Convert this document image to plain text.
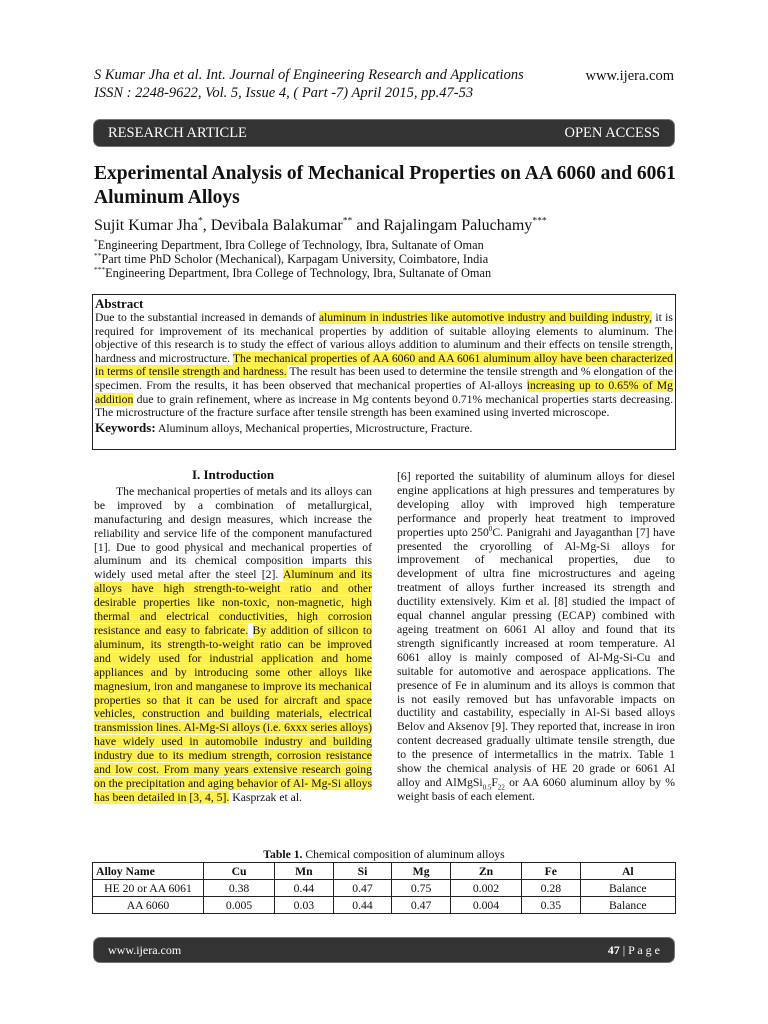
S Kumar Jha et al. Int. Journal of Engineering Research and Applications
ISSN : 2248-9622, Vol. 5, Issue 4, ( Part -7) April 2015, pp.47-53
www.ijera.com
RESEARCH ARTICLE	OPEN ACCESS
Experimental Analysis of Mechanical Properties on AA 6060 and 6061 Aluminum Alloys
Sujit Kumar Jha*, Devibala Balakumar** and Rajalingam Paluchamy***
*Engineering Department, Ibra College of Technology, Ibra, Sultanate of Oman
**Part time PhD Scholor (Mechanical), Karpagam University, Coimbatore, India
***Engineering Department, Ibra College of Technology, Ibra, Sultanate of Oman
Abstract
Due to the substantial increased in demands of aluminum in industries like automotive industry and building industry, it is required for improvement of its mechanical properties by addition of suitable alloying elements to aluminum. The objective of this research is to study the effect of various alloys addition to aluminum and their effects on tensile strength, hardness and microstructure. The mechanical properties of AA 6060 and AA 6061 aluminum alloy have been characterized in terms of tensile strength and hardness. The result has been used to determine the tensile strength and % elongation of the specimen. From the results, it has been observed that mechanical properties of Al-alloys increasing up to 0.65% of Mg addition due to grain refinement, where as increase in Mg contents beyond 0.71% mechanical properties starts decreasing. The microstructure of the fracture surface after tensile strength has been examined using inverted microscope.
Keywords: Aluminum alloys, Mechanical properties, Microstructure, Fracture.
I. Introduction
The mechanical properties of metals and its alloys can be improved by a combination of metallurgical, manufacturing and design measures, which increase the reliability and service life of the component manufactured [1]. Due to good physical and mechanical properties of aluminum and its chemical composition imparts this widely used metal after the steel [2]. Aluminum and its alloys have high strength-to-weight ratio and other desirable properties like non-toxic, non-magnetic, high thermal and electrical conductivities, high corrosion resistance and easy to fabricate. By addition of silicon to aluminum, its strength-to-weight ratio can be improved and widely used for industrial application and home appliances and by introducing some other alloys like magnesium, iron and manganese to improve its mechanical properties so that it can be used for aircraft and space vehicles, construction and building materials, electrical transmission lines. Al-Mg-Si alloys (i.e. 6xxx series alloys) have widely used in automobile industry and building industry due to its medium strength, corrosion resistance and low cost. From many years extensive research going on the precipitation and aging behavior of Al- Mg-Si alloys has been detailed in [3, 4, 5]. Kasprzak et al.
[6] reported the suitability of aluminum alloys for diesel engine applications at high pressures and temperatures by developing alloy with improved high temperature performance and properly heat treatment to improved properties upto $250^0C$. Panigrahi and Jayaganthan [7] have presented the cryorolling of Al-Mg-Si alloys for improvement of mechanical properties, due to development of ultra fine microstructures and ageing treatment of alloys further increased its strength and ductility extensively. Kim et al. [8] studied the impact of equal channel angular pressing (ECAP) combined with ageing treatment on 6061 Al alloy and found that its strength significantly increased at room temperature. Al 6061 alloy is mainly composed of Al-Mg-Si-Cu and suitable for automotive and aerospace applications. The presence of Fe in aluminum and its alloys is common that is not easily removed but has unfavorable impacts on ductility and castability, especially in Al-Si based alloys Belov and Aksenov [9]. They reported that, increase in iron content decreased gradually ultimate tensile strength, due to the presence of intermetallics in the matrix. Table 1 show the chemical analysis of HE 20 grade or 6061 Al alloy and $AlMgSi_{0.5}F_{22}$ or AA 6060 aluminum alloy by % weight basis of each element.
Table 1. Chemical composition of aluminum alloys
Alloy Name	Cu	Mn	Si	Mg	Zn	Fe	Al
HE 20 or AA 6061	0.38	0.44	0.47	0.75	0.002	0.28	Balance
AA 6060	0.005	0.03	0.44	0.47	0.004	0.35	Balance
www.ijera.com	47 | P a g e
